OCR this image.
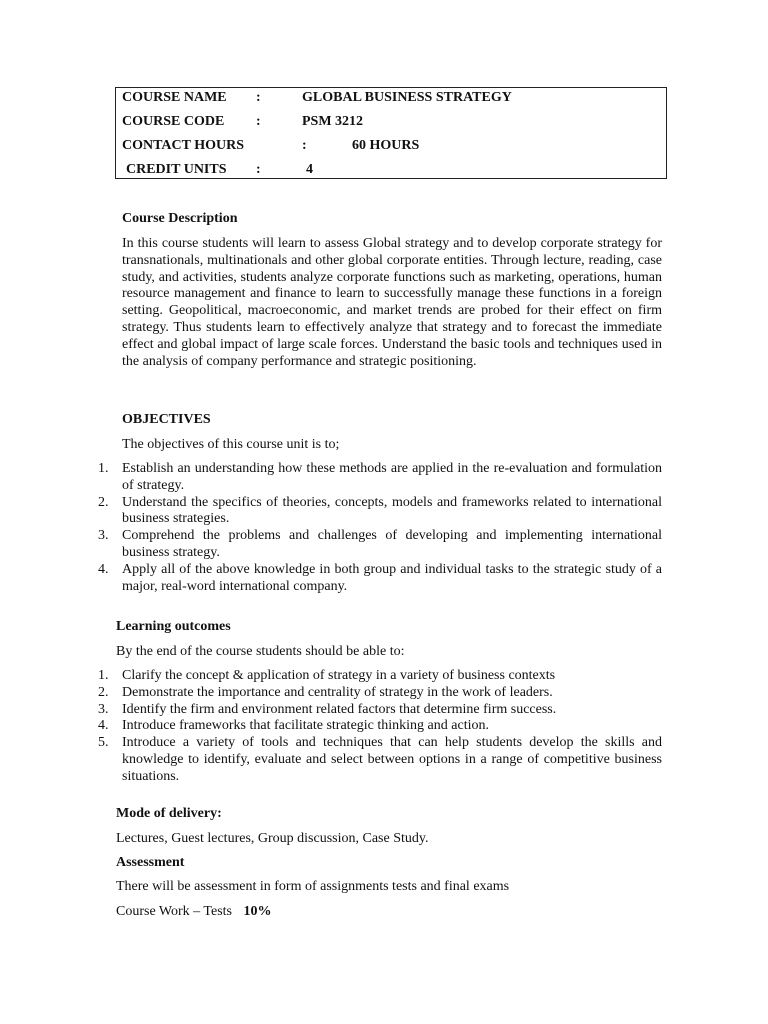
COURSE NAME :	GLOBAL BUSINESS STRATEGY
COURSE CODE :	PSM 3212
CONTACT HOURS	:	60 HOURS
CREDIT UNITS :	4
Course Description
In this course students will learn to assess Global strategy and to develop corporate strategy for transnationals, multinationals and other global corporate entities. Through lecture, reading, case study, and activities, students analyze corporate functions such as marketing, operations, human resource management and finance to learn to successfully manage these functions in a foreign setting. Geopolitical, macroeconomic, and market trends are probed for their effect on firm strategy. Thus students learn to effectively analyze that strategy and to forecast the immediate effect and global impact of large scale forces. Understand the basic tools and techniques used in the analysis of company performance and strategic positioning.
OBJECTIVES
The objectives of this course unit is to;
1. Establish an understanding how these methods are applied in the re-evaluation and formulation of strategy.
2. Understand the specifics of theories, concepts, models and frameworks related to international business strategies.
3. Comprehend the problems and challenges of developing and implementing international business strategy.
4. Apply all of the above knowledge in both group and individual tasks to the strategic study of a major, real-word international company.
Learning outcomes
By the end of the course students should be able to:
1. Clarify the concept & application of strategy in a variety of business contexts
2. Demonstrate the importance and centrality of strategy in the work of leaders.
3. Identify the firm and environment related factors that determine firm success.
4. Introduce frameworks that facilitate strategic thinking and action.
5. Introduce a variety of tools and techniques that can help students develop the skills and knowledge to identify, evaluate and select between options in a range of competitive business situations.
Mode of delivery:
Lectures, Guest lectures, Group discussion, Case Study.
Assessment
There will be assessment in form of assignments tests and final exams
Course Work – Tests 10%
